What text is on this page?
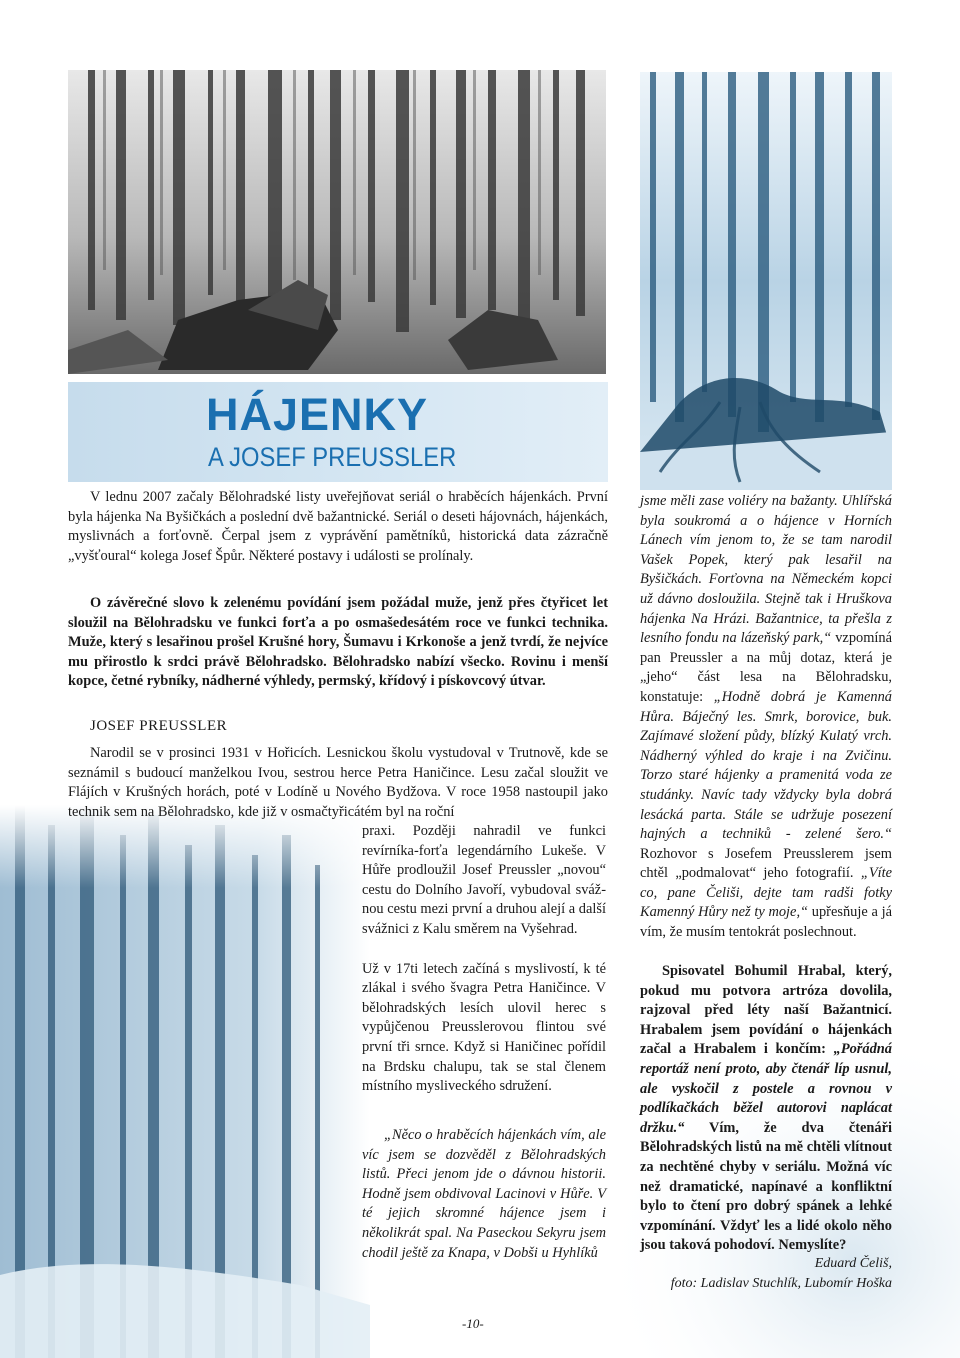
HÁJENKY
A JOSEF PREUSSLER
V lednu 2007 začaly Bělohradské listy uveřejňovat seriál o hraběcích hájenkách. První byla hájenka Na Byšičkách a poslední dvě bažantnické. Seriál o deseti hájovnách, hájenkách, myslivnách a forťovně. Čerpal jsem z vyprávění pamětníků, historická data zázračně „vyšťoural“ kolega Josef Špůr. Některé postavy i události se prolínaly.
O závěrečné slovo k zelenému povídání jsem požádal muže, jenž přes čtyřicet let sloužil na Bělohradsku ve funkci forťa a po osmašedesátém roce ve funkci technika. Muže, který s lesařinou prošel Krušné hory, Šumavu i Krkonoše a jenž tvrdí, že nejvíce mu přirostlo k srdci právě Bělohradsko. Bělohradsko nabízí všecko. Rovinu i menší kopce, četné rybníky, nádherné výhledy, permský, křídový i pískovcový útvar.
JOSEF PREUSSLER
Narodil se v prosinci 1931 v Hořicích. Lesnickou školu vystudoval v Trutnově, kde se seznámil s budoucí manželkou Ivou, sestrou herce Petra Haničince. Lesu začal sloužit ve Flájích v Krušných horách, poté v Lodíně u Nového Bydžova. V roce 1958 nastoupil jako technik sem na Bělohradsko, kde již v osmačtyřicátém byl na roční

praxi. Později nahradil ve funkci revírníka-forťa legendárního Lukeše. V Hůře prodloužil Josef Preussler „novou“ cestu do Dolního Javoří, vybudoval svážnou cestu mezi první a druhou alejí a další svážnici z Kalu směrem na Vyšehrad.

Už v 17ti letech začíná s myslivostí, k té zlákal i svého švagra Petra Haničince. V bělohradských lesích ulovil herec s vypůjčenou Preusslerovou flintou své první tři srnce. Když si Haničinec pořídil na Brdsku chalupu, tak se stal členem místního mysliveckého sdružení.

„Něco o hraběcích hájenkách vím, ale víc jsem se dozvěděl z Bělohradských listů. Přeci jenom jde o dávnou historii. Hodně jsem obdivoval Lacinovi v Hůře. V té jejich skromné hájence jsem i několikrát spal. Na Paseckou Sekyru jsem chodil ještě za Knapa, v Dobši u Hyhlíků
jsme měli zase voliéry na bažanty. Uhlířská byla soukromá a o hájence v Horních Lánech vím jenom to, že se tam narodil Vašek Popek, který pak lesařil na Byšičkách. Forťovna na Německém kopci už dávno dosloužila. Stejně tak i Hruškova hájenka Na Hrázi. Bažantnice, ta přešla z lesního fondu na lázeňský park,“ vzpomíná pan Preussler a na můj dotaz, která je „jeho“ část lesa na Bělohradsku, konstatuje: „Hodně dobrá je Kamenná Hůra. Báječný les. Smrk, borovice, buk. Zajímavé složení půdy, blízký Kulatý vrch. Nádherný výhled do kraje i na Zvičinu. Torzo staré hájenky a pramenitá voda ze studánky. Navíc tady vždycky byla dobrá lesácká parta. Stále se udržuje posezení hajných a techniků - zelené šero.“ Rozhovor s Josefem Preusslerem jsem chtěl „podmalovat“ jeho fotografií. „Víte co, pane Čeliši, dejte tam radši fotky Kamenný Hůry než ty moje,“ upřesňuje a já vím, že musím tentokrát poslechnout.
Spisovatel Bohumil Hrabal, který, pokud mu potvora artróza dovolila, rajzoval před léty naší Bažantnicí. Hrabalem jsem povídání o hájenkách začal a Hrabalem i končím: „Pořádná reportáž není proto, aby čtenář líp usnul, ale vyskočil z postele a rovnou v podlíkačkách běžel autorovi naplácat držku.“ Vím, že dva čtenáři Bělohradských listů na mě chtěli vlítnout za nechtěné chyby v seriálu. Možná víc než dramatické, napínavé a konfliktní bylo to čtení pro dobrý spánek a lehké vzpomínání. Vždyť les a lidé okolo něho jsou taková pohodoví. Nemyslíte?
Eduard Čeliš,
foto: Ladislav Stuchlík, Lubomír Hoška
-10-
